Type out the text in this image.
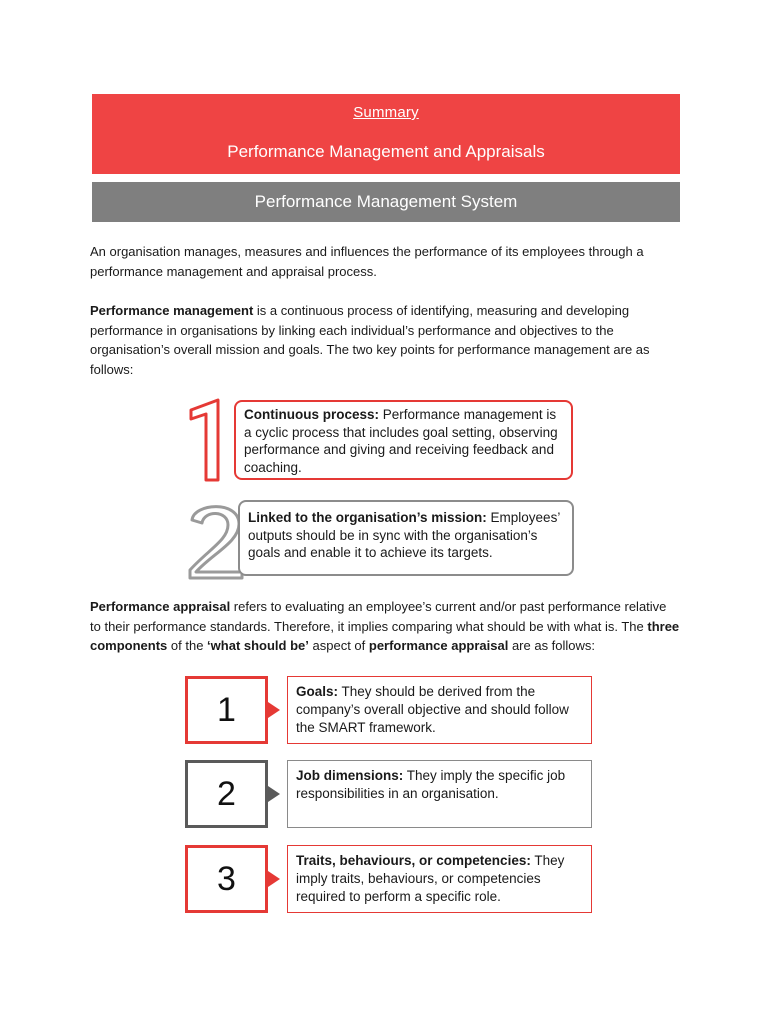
Summary
Performance Management and Appraisals
Performance Management System

An organisation manages, measures and influences the performance of its employees through a performance management and appraisal process.

Performance management is a continuous process of identifying, measuring and developing performance in organisations by linking each individual’s performance and objectives to the organisation’s overall mission and goals. The two key points for performance management are as follows:

Continuous process: Performance management is a cyclic process that includes goal setting, observing performance and giving and receiving feedback and coaching.
Linked to the organisation’s mission: Employees’ outputs should be in sync with the organisation’s goals and enable it to achieve its targets.

Performance appraisal refers to evaluating an employee’s current and/or past performance relative to their performance standards. Therefore, it implies comparing what should be with what is. The three components of the ‘what should be’ aspect of performance appraisal are as follows:

1	Goals: They should be derived from the company’s overall objective and should follow the SMART framework.
2	Job dimensions: They imply the specific job responsibilities in an organisation.
3	Traits, behaviours, or competencies: They imply traits, behaviours, or competencies required to perform a specific role.
